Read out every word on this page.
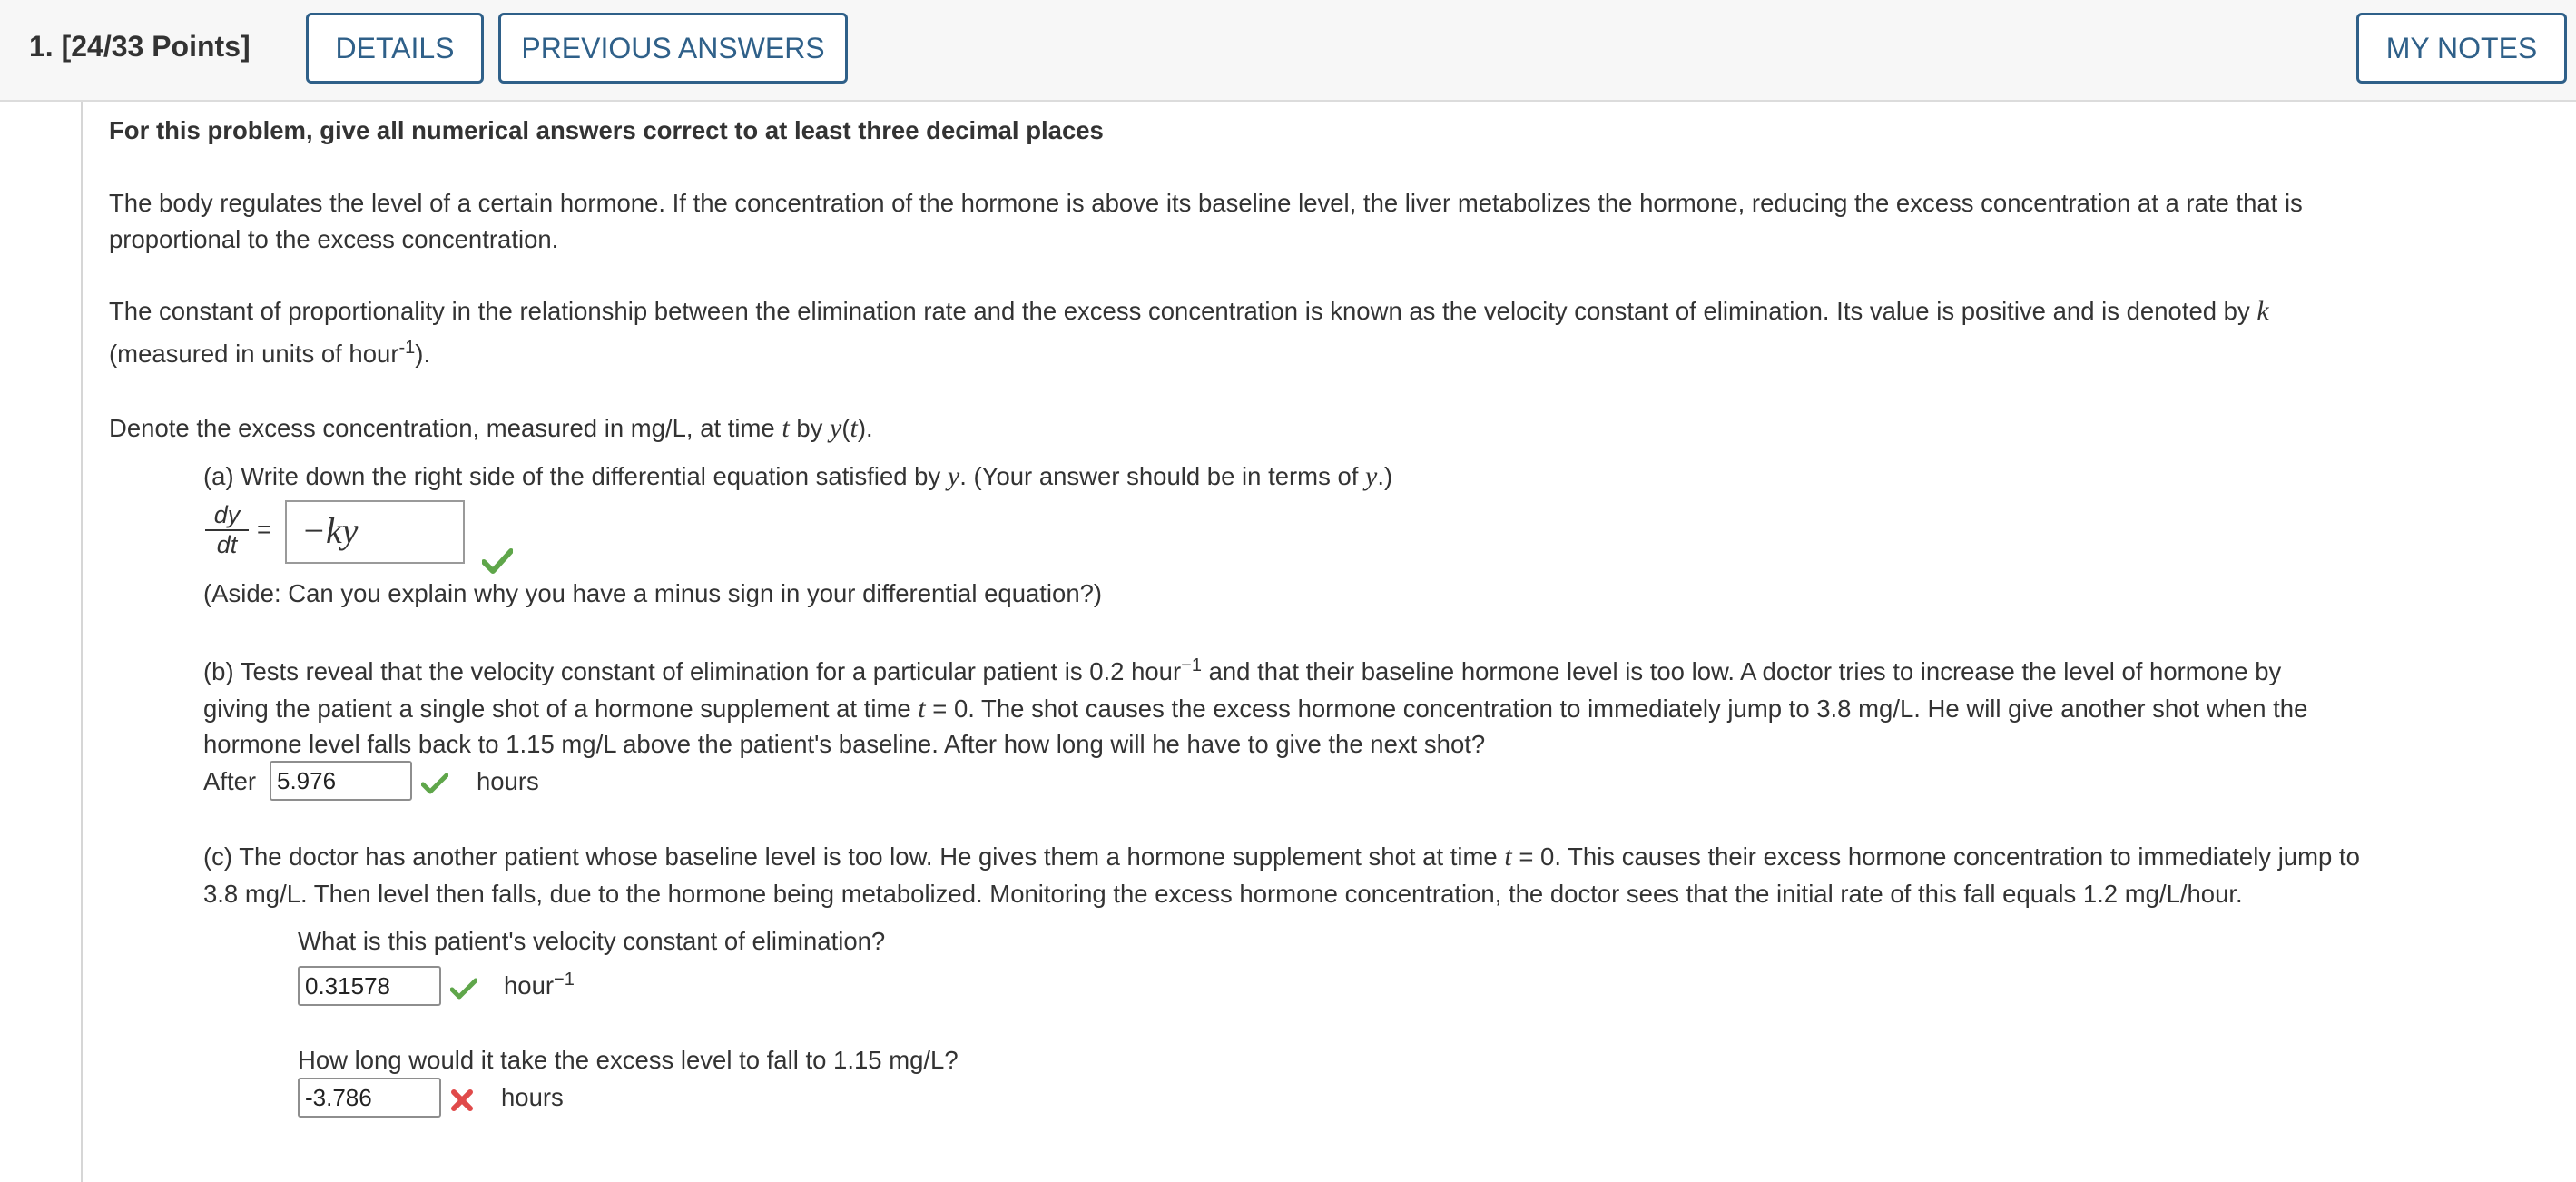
1. [24/33 Points]	DETAILS	PREVIOUS ANSWERS	MY NOTES
For this problem, give all numerical answers correct to at least three decimal places
The body regulates the level of a certain hormone. If the concentration of the hormone is above its baseline level, the liver metabolizes the hormone, reducing the excess concentration at a rate that is
proportional to the excess concentration.
The constant of proportionality in the relationship between the elimination rate and the excess concentration is known as the velocity constant of elimination. Its value is positive and is denoted by k
(measured in units of hour$^{-1}$).
Denote the excess concentration, measured in mg/L, at time t by y(t).
(a) Write down the right side of the differential equation satisfied by y. (Your answer should be in terms of y.)
$\frac{dy}{dt} = -ky$
(Aside: Can you explain why you have a minus sign in your differential equation?)
(b) Tests reveal that the velocity constant of elimination for a particular patient is 0.2 hour$^{-1}$ and that their baseline hormone level is too low. A doctor tries to increase the level of hormone by
giving the patient a single shot of a hormone supplement at time t = 0. The shot causes the excess hormone concentration to immediately jump to 3.8 mg/L. He will give another shot when the
hormone level falls back to 1.15 mg/L above the patient's baseline. After how long will he have to give the next shot?
After
5.976	hours
(c) The doctor has another patient whose baseline level is too low. He gives them a hormone supplement shot at time t = 0. This causes their excess hormone concentration to immediately jump to
3.8 mg/L. Then level then falls, due to the hormone being metabolized. Monitoring the excess hormone concentration, the doctor sees that the initial rate of this fall equals 1.2 mg/L/hour.
What is this patient's velocity constant of elimination?
0.31578
hour$^{-1}$
How long would it take the excess level to fall to 1.15 mg/L?
-3.786
hours
